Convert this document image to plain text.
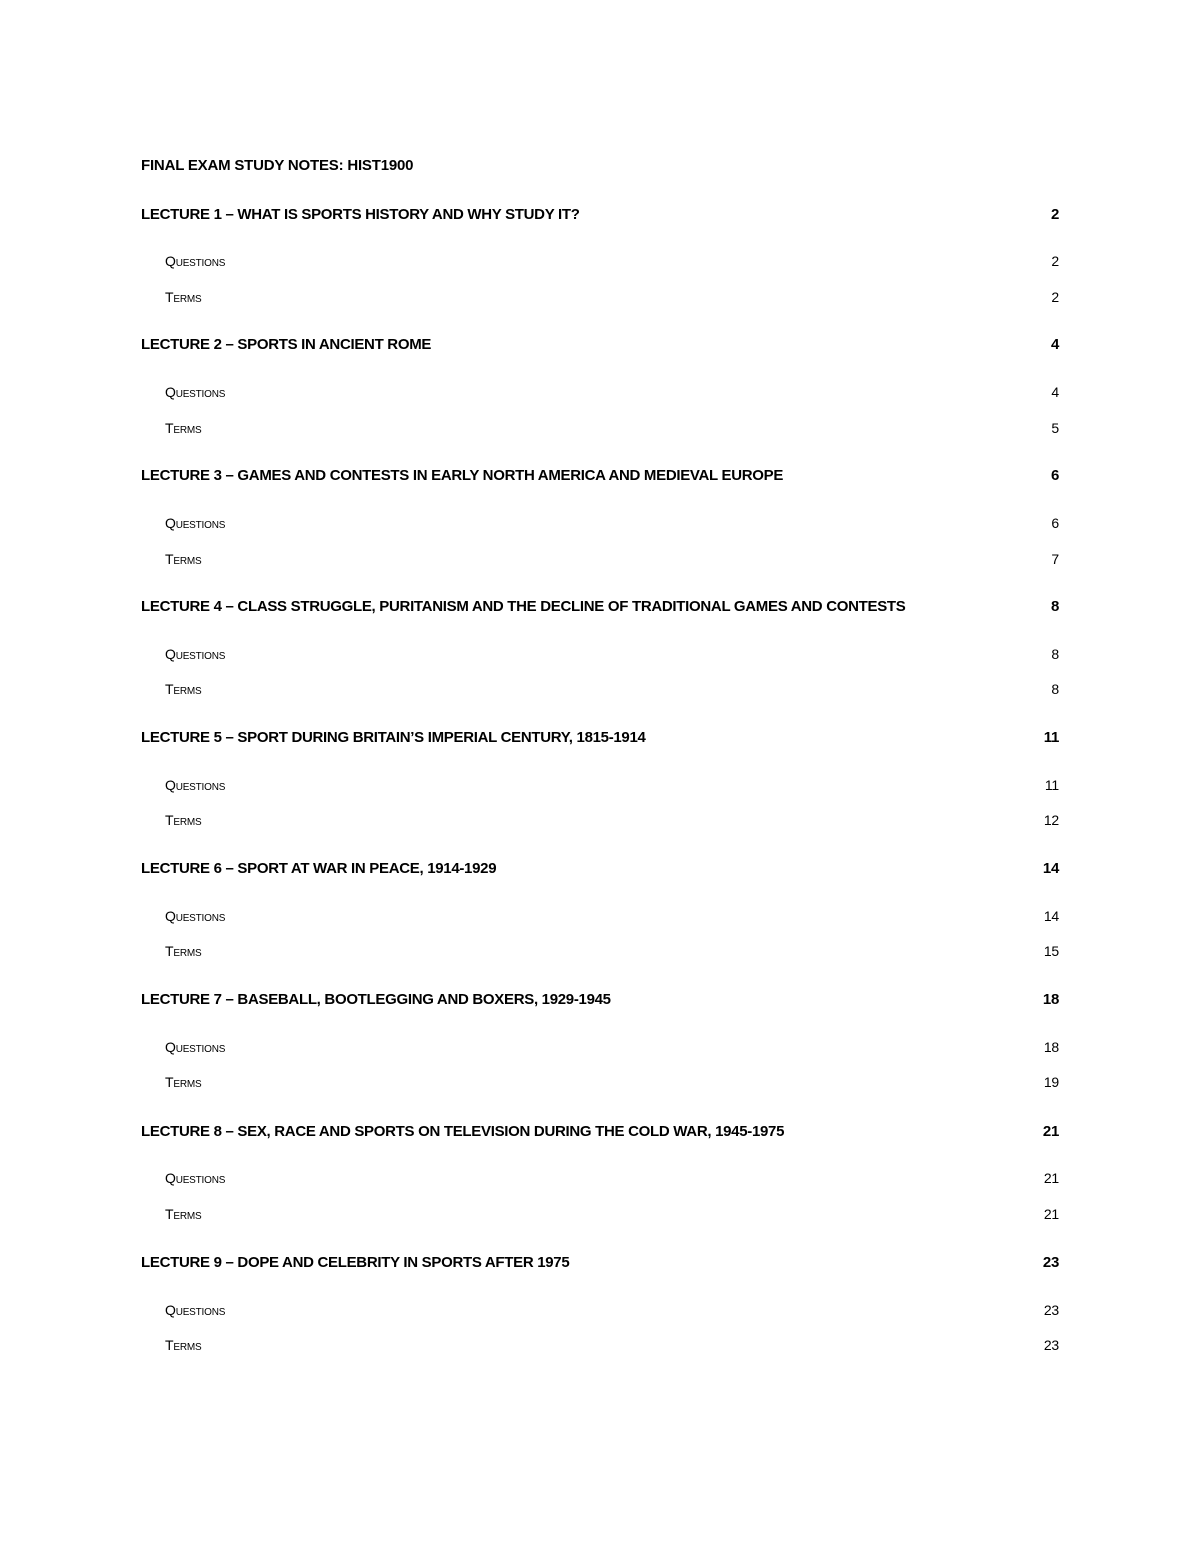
FINAL EXAM STUDY NOTES: HIST1900
LECTURE 1 – WHAT IS SPORTS HISTORY AND WHY STUDY IT?	2
Questions	2
Terms	2
LECTURE 2 – SPORTS IN ANCIENT ROME	4
Questions	4
Terms	5
LECTURE 3 – GAMES AND CONTESTS IN EARLY NORTH AMERICA AND MEDIEVAL EUROPE	6
Questions	6
Terms	7
LECTURE 4 – CLASS STRUGGLE, PURITANISM AND THE DECLINE OF TRADITIONAL GAMES AND CONTESTS	8
Questions	8
Terms	8
LECTURE 5 – SPORT DURING BRITAIN’S IMPERIAL CENTURY, 1815-1914	11
Questions	11
Terms	12
LECTURE 6 – SPORT AT WAR IN PEACE, 1914-1929	14
Questions	14
Terms	15
LECTURE 7 – BASEBALL, BOOTLEGGING AND BOXERS, 1929-1945	18
Questions	18
Terms	19
LECTURE 8 – SEX, RACE AND SPORTS ON TELEVISION DURING THE COLD WAR, 1945-1975	21
Questions	21
Terms	21
LECTURE 9 – DOPE AND CELEBRITY IN SPORTS AFTER 1975	23
Questions	23
Terms	23
